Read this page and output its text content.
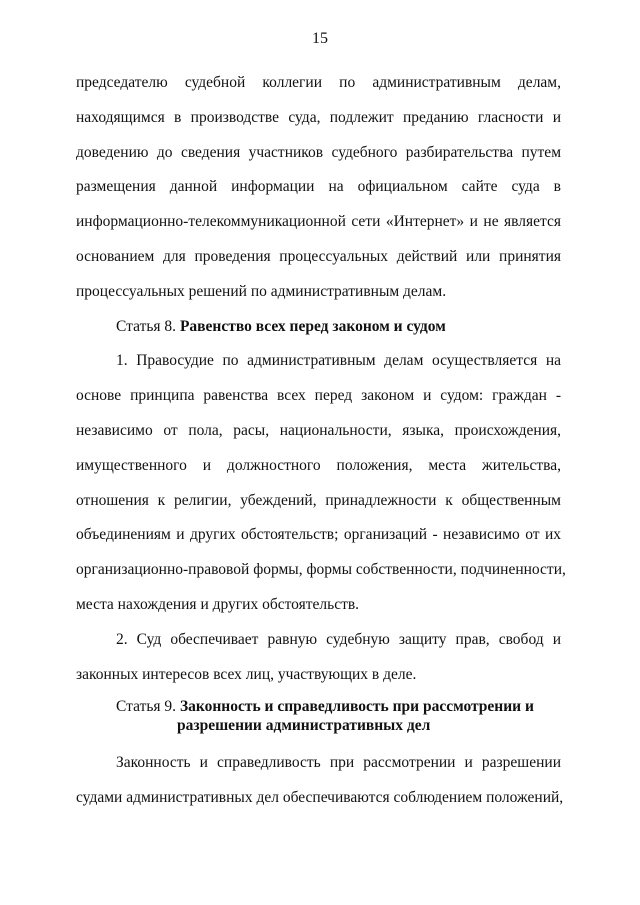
15
председателю судебной коллегии по административным делам,
находящимся в производстве суда, подлежит преданию гласности и
доведению до сведения участников судебного разбирательства путем
размещения данной информации на официальном сайте суда в
информационно-телекоммуникационной сети «Интернет» и не является
основанием для проведения процессуальных действий или принятия
процессуальных решений по административным делам.
Статья 8. Равенство всех перед законом и судом
1. Правосудие по административным делам осуществляется на
основе принципа равенства всех перед законом и судом: граждан -
независимо от пола, расы, национальности, языка, происхождения,
имущественного и должностного положения, места жительства,
отношения к религии, убеждений, принадлежности к общественным
объединениям и других обстоятельств; организаций - независимо от их
организационно-правовой формы, формы собственности, подчиненности,
места нахождения и других обстоятельств.
2. Суд обеспечивает равную судебную защиту прав, свобод и
законных интересов всех лиц, участвующих в деле.
Статья 9. Законность и справедливость при рассмотрении и
разрешении административных дел
Законность и справедливость при рассмотрении и разрешении
судами административных дел обеспечиваются соблюдением положений,
